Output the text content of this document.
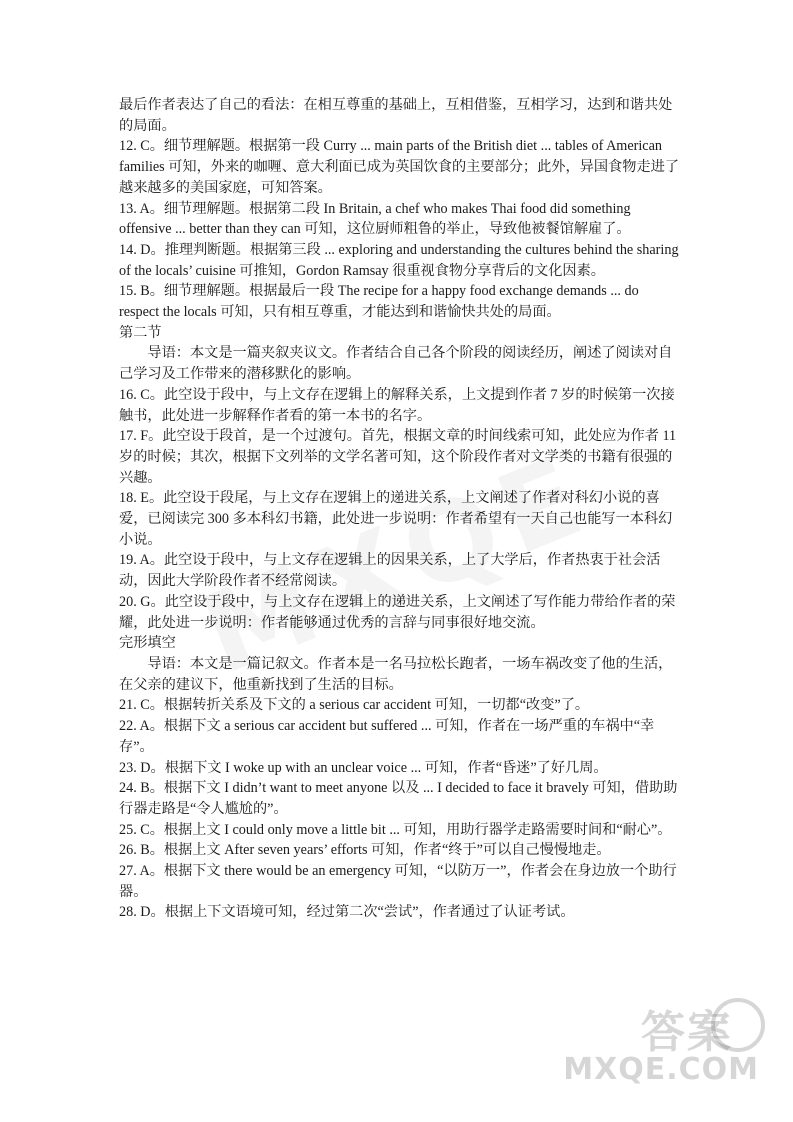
最后作者表达了自己的看法：在相互尊重的基础上，互相借鉴，互相学习，达到和谐共处的局面。

12. C。细节理解题。根据第一段 Curry ... main parts of the British diet ... tables of American families 可知，外来的咖喱、意大利面已成为英国饮食的主要部分；此外，异国食物走进了越来越多的美国家庭，可知答案。

13. A。细节理解题。根据第二段 In Britain, a chef who makes Thai food did something offensive ... better than they can 可知，这位厨师粗鲁的举止，导致他被餐馆解雇了。

14. D。推理判断题。根据第三段 ... exploring and understanding the cultures behind the sharing of the locals’ cuisine 可推知，Gordon Ramsay 很重视食物分享背后的文化因素。

15. B。细节理解题。根据最后一段 The recipe for a happy food exchange demands ... do respect the locals 可知，只有相互尊重，才能达到和谐愉快共处的局面。

第二节

导语：本文是一篇夹叙夹议文。作者结合自己各个阶段的阅读经历，阐述了阅读对自己学习及工作带来的潜移默化的影响。

16. C。此空设于段中，与上文存在逻辑上的解释关系，上文提到作者 7 岁的时候第一次接触书，此处进一步解释作者看的第一本书的名字。

17. F。此空设于段首，是一个过渡句。首先，根据文章的时间线索可知，此处应为作者 11 岁的时候；其次，根据下文列举的文学名著可知，这个阶段作者对文学类的书籍有很强的兴趣。

18. E。此空设于段尾，与上文存在逻辑上的递进关系，上文阐述了作者对科幻小说的喜爱，已阅读完 300 多本科幻书籍，此处进一步说明：作者希望有一天自己也能写一本科幻小说。

19. A。此空设于段中，与上文存在逻辑上的因果关系，上了大学后，作者热衷于社会活动，因此大学阶段作者不经常阅读。

20. G。此空设于段中，与上文存在逻辑上的递进关系，上文阐述了写作能力带给作者的荣耀，此处进一步说明：作者能够通过优秀的言辞与同事很好地交流。

完形填空

导语：本文是一篇记叙文。作者本是一名马拉松长跑者，一场车祸改变了他的生活，在父亲的建议下，他重新找到了生活的目标。

21. C。根据转折关系及下文的 a serious car accident 可知，一切都“改变”了。

22. A。根据下文 a serious car accident but suffered ... 可知，作者在一场严重的车祸中“幸存”。

23. D。根据下文 I woke up with an unclear voice ... 可知，作者“昏迷”了好几周。

24. B。根据下文 I didn’t want to meet anyone 以及 ... I decided to face it bravely 可知，借助助行器走路是“令人尴尬的”。

25. C。根据上文 I could only move a little bit ... 可知，用助行器学走路需要时间和“耐心”。

26. B。根据上文 After seven years’ efforts 可知，作者“终于”可以自己慢慢地走。

27. A。根据下文 there would be an emergency 可知，“以防万一”，作者会在身边放一个助行器。

28. D。根据上下文语境可知，经过第二次“尝试”，作者通过了认证考试。

答案
MXQE.COM
